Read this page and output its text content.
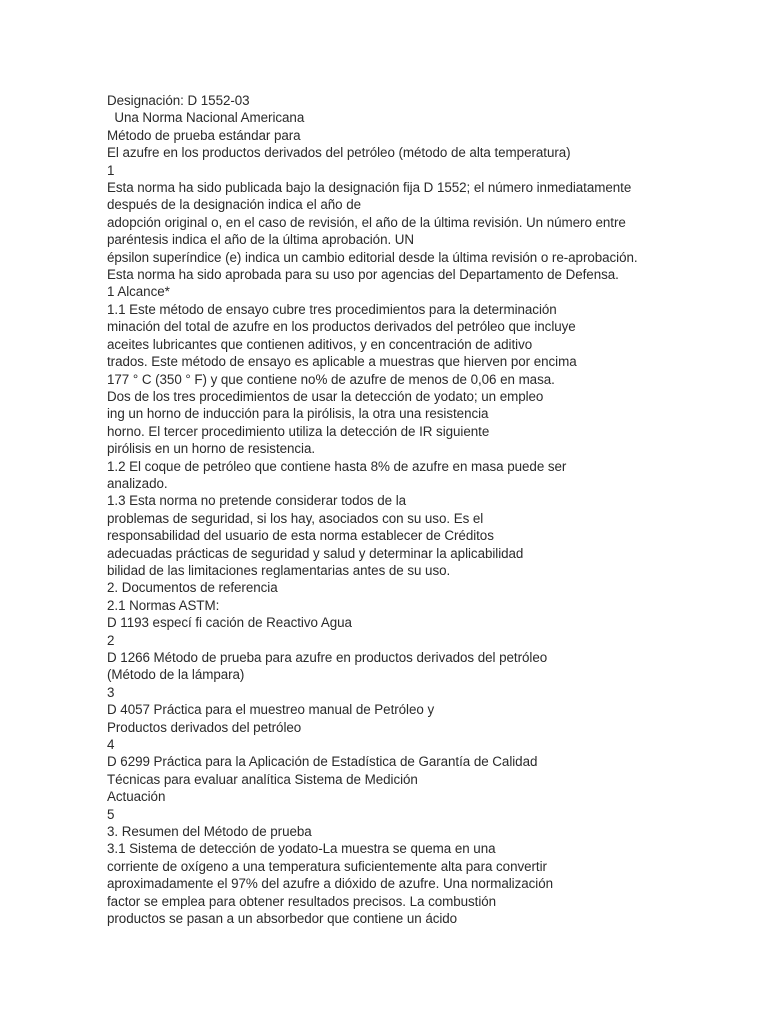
Designación: D 1552-03
Una Norma Nacional Americana
Método de prueba estándar para
El azufre en los productos derivados del petróleo (método de alta temperatura)
1
Esta norma ha sido publicada bajo la designación fija D 1552; el número inmediatamente
después de la designación indica el año de
adopción original o, en el caso de revisión, el año de la última revisión. Un número entre
paréntesis indica el año de la última aprobación. UN
épsilon superíndice (e) indica un cambio editorial desde la última revisión o re-aprobación.
Esta norma ha sido aprobada para su uso por agencias del Departamento de Defensa.
1 Alcance*
1.1 Este método de ensayo cubre tres procedimientos para la determinación
minación del total de azufre en los productos derivados del petróleo que incluye
aceites lubricantes que contienen aditivos, y en concentración de aditivo
trados. Este método de ensayo es aplicable a muestras que hierven por encima
177 ° C (350 ° F) y que contiene no% de azufre de menos de 0,06 en masa.
Dos de los tres procedimientos de usar la detección de yodato; un empleo
ing un horno de inducción para la pirólisis, la otra una resistencia
horno. El tercer procedimiento utiliza la detección de IR siguiente
pirólisis en un horno de resistencia.
1.2 El coque de petróleo que contiene hasta 8% de azufre en masa puede ser
analizado.
1.3 Esta norma no pretende considerar todos de la
problemas de seguridad, si los hay, asociados con su uso. Es el
responsabilidad del usuario de esta norma establecer de Créditos
adecuadas prácticas de seguridad y salud y determinar la aplicabilidad
bilidad de las limitaciones reglamentarias antes de su uso.
2. Documentos de referencia
2.1 Normas ASTM:
D 1193 especí fi cación de Reactivo Agua
2
D 1266 Método de prueba para azufre en productos derivados del petróleo
(Método de la lámpara)
3
D 4057 Práctica para el muestreo manual de Petróleo y
Productos derivados del petróleo
4
D 6299 Práctica para la Aplicación de Estadística de Garantía de Calidad
Técnicas para evaluar analítica Sistema de Medición
Actuación
5
3. Resumen del Método de prueba
3.1 Sistema de detección de yodato-La muestra se quema en una
corriente de oxígeno a una temperatura suficientemente alta para convertir
aproximadamente el 97% del azufre a dióxido de azufre. Una normalización
factor se emplea para obtener resultados precisos. La combustión
productos se pasan a un absorbedor que contiene un ácido
